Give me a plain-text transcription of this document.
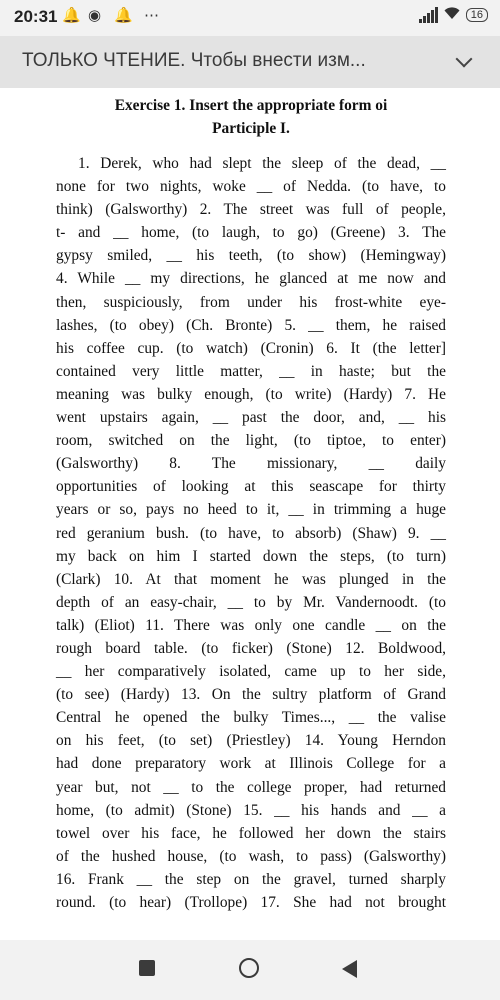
20:31 🔔 ◉ 🔔 ⋯	16
ТОЛЬКО ЧТЕНИЕ. Чтобы внести изм...
Exercise 1. Insert the appropriate form oi
Participle I.
1. Derek, who had slept the sleep of the dead, __
none for two nights, woke __ of Nedda. (to have, to
think) (Galsworthy) 2. The street was full of people,
t- and __ home, (to laugh, to go) (Greene) 3. The
gypsy smiled, __ his teeth, (to show) (Hemingway)
4. While __ my directions, he glanced at me now and
then, suspiciously, from under his frost-white eye-
lashes, (to obey) (Ch. Bronte) 5. __ them, he raised
his coffee cup. (to watch) (Cronin) 6. It (the letter]
contained very little matter, __ in haste; but the
meaning was bulky enough, (to write) (Hardy) 7. He
went upstairs again, __ past the door, and, __ his
room, switched on the light, (to tiptoe, to enter)
(Galsworthy) 8. The missionary, __ daily
opportunities of looking at this seascape for thirty
years or so, pays no heed to it, __ in trimming a huge
red geranium bush. (to have, to absorb) (Shaw) 9. __
my back on him I started down the steps, (to turn)
(Clark) 10. At that moment he was plunged in the
depth of an easy-chair, __ to by Mr. Vandernoodt. (to
talk) (Eliot) 11. There was only one candle __ on the
rough board table. (to ficker) (Stone) 12. Boldwood,
__ her comparatively isolated, came up to her side,
(to see) (Hardy) 13. On the sultry platform of Grand
Central he opened the bulky Times..., __ the valise
on his feet, (to set) (Priestley) 14. Young Herndon
had done preparatory work at Illinois College for a
year but, not __ to the college proper, had returned
home, (to admit) (Stone) 15. __ his hands and __ a
towel over his face, he followed her down the stairs
of the hushed house, (to wash, to pass) (Galsworthy)
16. Frank __ the step on the gravel, turned sharply
round. (to hear) (Trollope) 17. She had not brought
